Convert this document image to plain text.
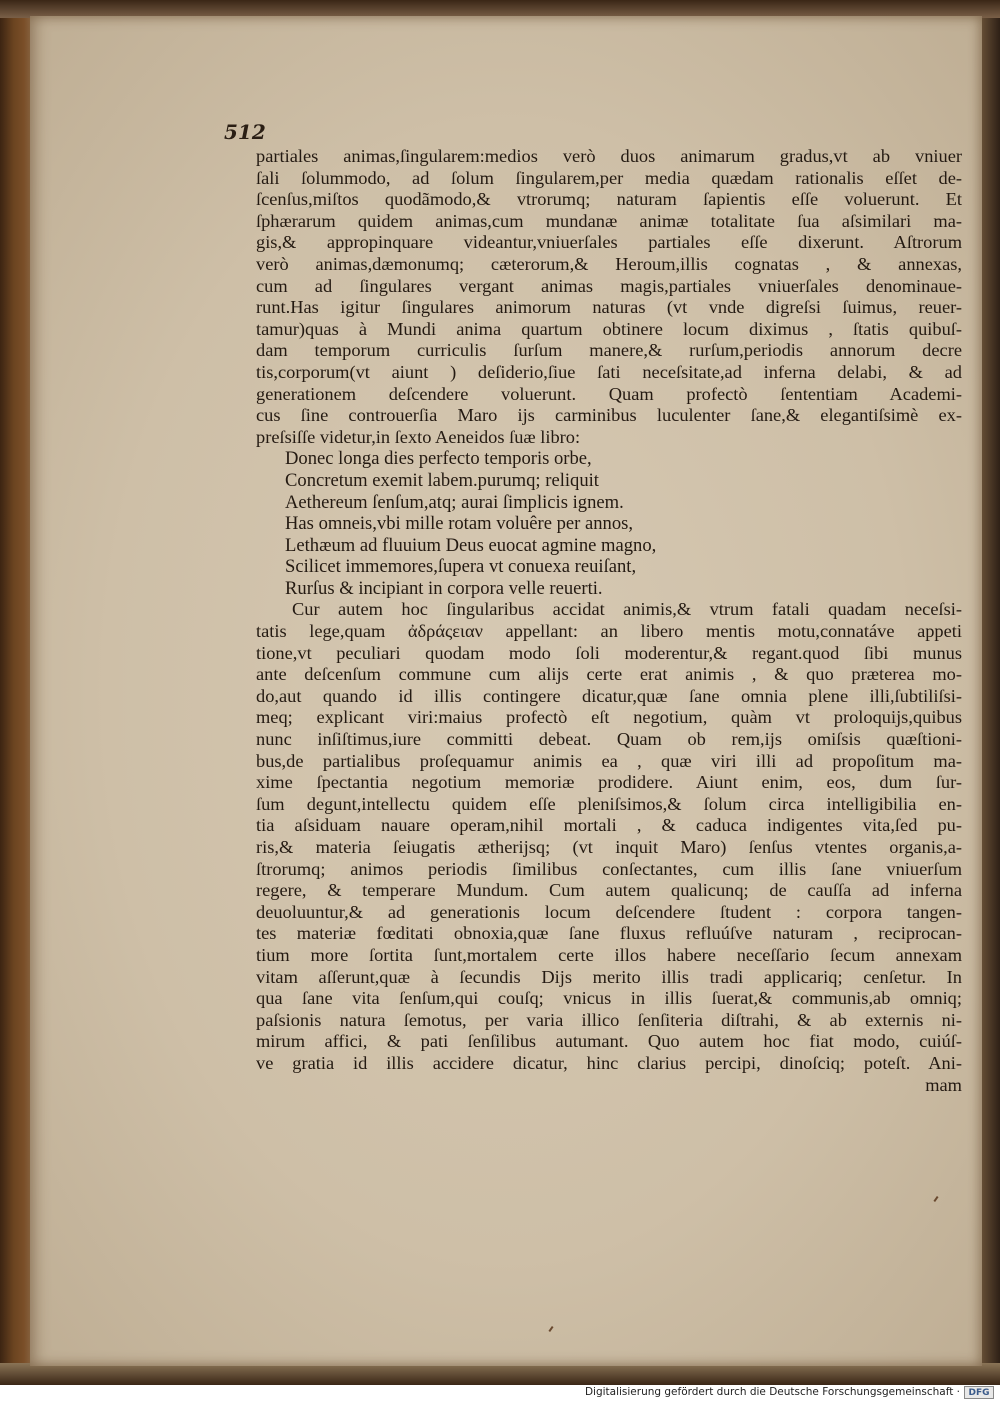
512
partiales animas,ſingularem:medios verò duos animarum gradus,vt ab vniuer
ſali ſolummodo, ad ſolum ſingularem,per media quædam rationalis eſſet de-
ſcenſus,miſtos quodãmodo,& vtrorumq; naturam ſapientis eſſe voluerunt. Et
ſphærarum quidem animas,cum mundanæ animæ totalitate ſua aſsimilari ma-
gis,& appropinquare videantur,vniuerſales partiales eſſe dixerunt. Aſtrorum
verò animas,dæmonumq; cæterorum,& Heroum,illis cognatas , & annexas,
cum ad ſingulares vergant animas magis,partiales vniuerſales denominaue-
runt.Has igitur ſingulares animorum naturas (vt vnde digreſsi ſuimus, reuer-
tamur)quas à Mundi anima quartum obtinere locum diximus , ſtatis quibuſ-
dam temporum curriculis ſurſum manere,& rurſum,periodis annorum decre
tis,corporum(vt aiunt ) deſiderio,ſiue ſati neceſsitate,ad inferna delabi, & ad
generationem deſcendere voluerunt. Quam profectò ſententiam Academi-
cus ſine controuerſia Maro ijs carminibus luculenter ſane,& elegantiſsimè ex-
preſsiſſe videtur,in ſexto Aeneidos ſuæ libro:
Donec longa dies perfecto temporis orbe,
Concretum exemit labem.purumq; reliquit
Aethereum ſenſum,atq; aurai ſimplicis ignem.
Has omneis,vbi mille rotam voluêre per annos,
Lethæum ad fluuium Deus euocat agmine magno,
Scilicet immemores,ſupera vt conuexa reuiſant,
Rurſus & incipiant in corpora velle reuerti.
Cur autem hoc ſingularibus accidat animis,& vtrum fatali quadam neceſsi-
tatis lege,quam ἀδράςειαν appellant: an libero mentis motu,connatáve appeti
tione,vt peculiari quodam modo ſoli moderentur,& regant.quod ſibi munus
ante deſcenſum commune cum alijs certe erat animis , & quo præterea mo-
do,aut quando id illis contingere dicatur,quæ ſane omnia plene illi,ſubtiliſsi-
meq; explicant viri:maius profectò eſt negotium, quàm vt proloquijs,quibus
nunc inſiſtimus,iure committi debeat. Quam ob rem,ijs omiſsis quæſtioni-
bus,de partialibus proſequamur animis ea , quæ viri illi ad propoſitum ma-
xime ſpectantia negotium memoriæ prodidere. Aiunt enim, eos, dum ſur-
ſum degunt,intellectu quidem eſſe pleniſsimos,& ſolum circa intelligibilia en-
tia aſsiduam nauare operam,nihil mortali , & caduca indigentes vita,ſed pu-
ris,& materia ſeiugatis ætherijsq; (vt inquit Maro) ſenſus vtentes organis,a-
ſtrorumq; animos periodis ſimilibus conſectantes, cum illis ſane vniuerſum
regere, & temperare Mundum. Cum autem qualicunq; de cauſſa ad inferna
deuoluuntur,& ad generationis locum deſcendere ſtudent : corpora tangen-
tes materiæ fœditati obnoxia,quæ ſane fluxus refluúſve naturam , reciprocan-
tium more ſortita ſunt,mortalem certe illos habere neceſſario ſecum annexam
vitam aſſerunt,quæ à ſecundis Dijs merito illis tradi applicariq; cenſetur. In
qua ſane vita ſenſum,qui couſq; vnicus in illis ſuerat,& communis,ab omniq;
paſsionis natura ſemotus, per varia illico ſenſiteria diſtrahi, & ab externis ni-
mirum affici, & pati ſenſilibus autumant. Quo autem hoc fiat modo, cuiúſ-
ve gratia id illis accidere dicatur, hinc clarius percipi, dinoſciq; poteſt. Ani-
mam
Digitalisierung gefördert durch die Deutsche Forschungsgemeinschaft · DFG
